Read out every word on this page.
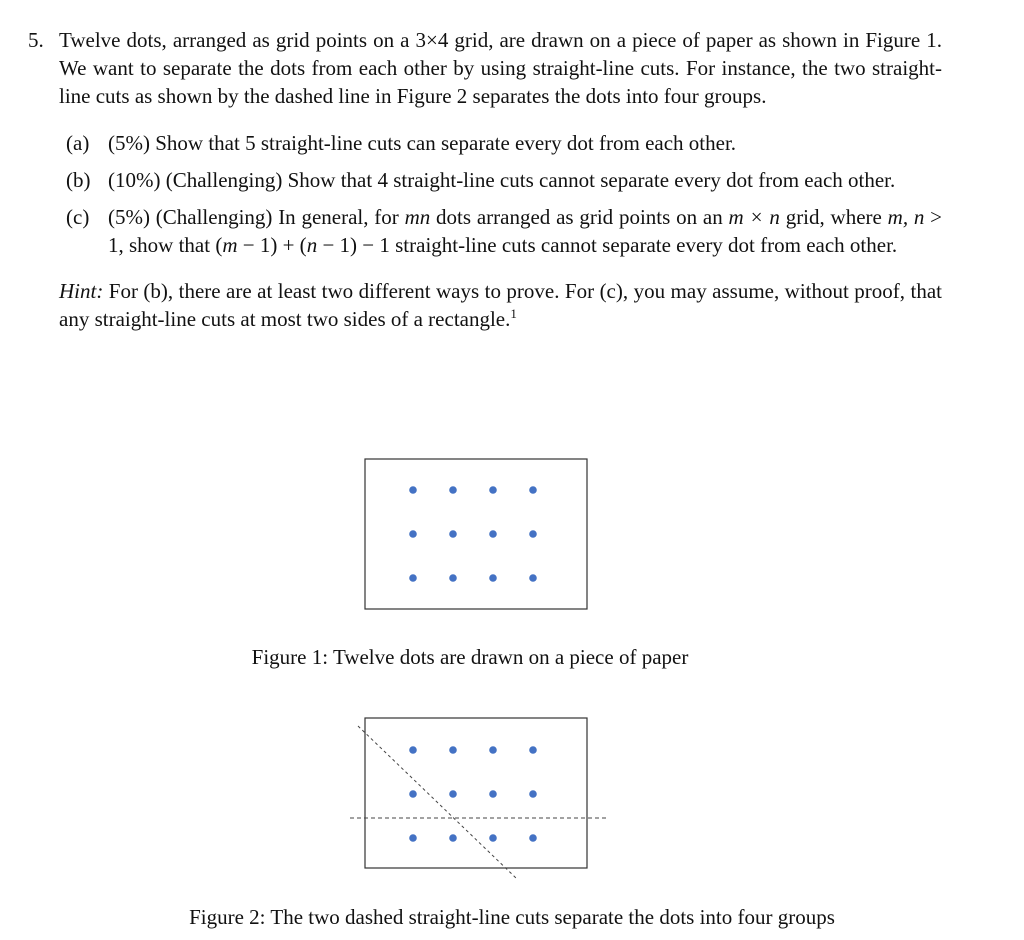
5. Twelve dots, arranged as grid points on a 3×4 grid, are drawn on a piece of paper as shown in Figure 1. We want to separate the dots from each other by using straight-line cuts. For instance, the two straight-line cuts as shown by the dashed line in Figure 2 separates the dots into four groups.
(a) (5%) Show that 5 straight-line cuts can separate every dot from each other.
(b) (10%) (Challenging) Show that 4 straight-line cuts cannot separate every dot from each other.
(c) (5%) (Challenging) In general, for mn dots arranged as grid points on an m × n grid, where m, n > 1, show that (m − 1) + (n − 1) − 1 straight-line cuts cannot separate every dot from each other.
Hint: For (b), there are at least two different ways to prove. For (c), you may assume, without proof, that any straight-line cuts at most two sides of a rectangle.$^1$
Figure 1: Twelve dots are drawn on a piece of paper
Figure 2: The two dashed straight-line cuts separate the dots into four groups
